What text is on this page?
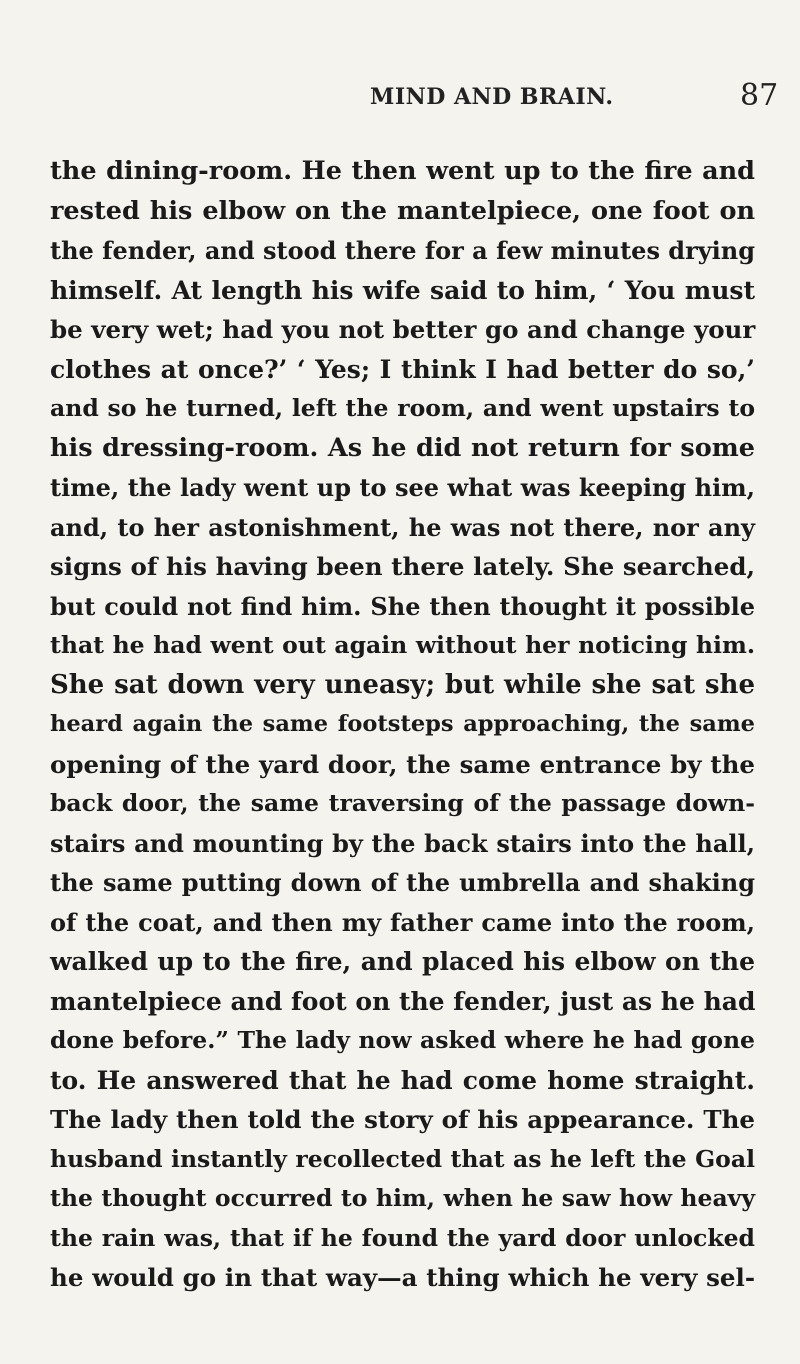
MIND AND BRAIN.	87
the dining-room. He then went up to the fire and
rested his elbow on the mantelpiece, one foot on
the fender, and stood there for a few minutes drying
himself. At length his wife said to him, ‘ You must
be very wet; had you not better go and change your
clothes at once?’ ‘ Yes; I think I had better do so,’
and so he turned, left the room, and went upstairs to
his dressing-room. As he did not return for some
time, the lady went up to see what was keeping him,
and, to her astonishment, he was not there, nor any
signs of his having been there lately. She searched,
but could not find him. She then thought it possible
that he had went out again without her noticing him.
She sat down very uneasy; but while she sat she
heard again the same footsteps approaching, the same
opening of the yard door, the same entrance by the
back door, the same traversing of the passage down-
stairs and mounting by the back stairs into the hall,
the same putting down of the umbrella and shaking
of the coat, and then my father came into the room,
walked up to the fire, and placed his elbow on the
mantelpiece and foot on the fender, just as he had
done before.” The lady now asked where he had gone
to. He answered that he had come home straight.
The lady then told the story of his appearance. The
husband instantly recollected that as he left the Goal
the thought occurred to him, when he saw how heavy
the rain was, that if he found the yard door unlocked
he would go in that way—a thing which he very sel-
